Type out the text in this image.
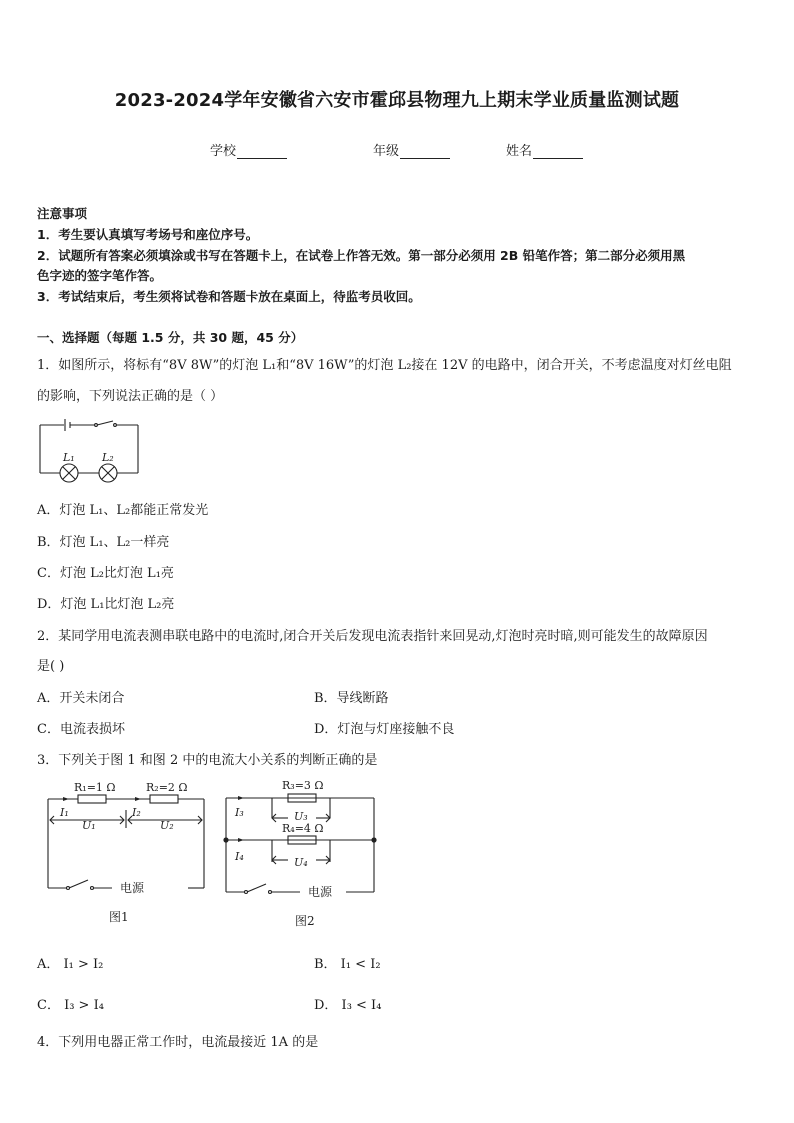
2023-2024学年安徽省六安市霍邱县物理九上期末学业质量监测试题
学校	年级	姓名
注意事项
1．考生要认真填写考场号和座位序号。
2．试题所有答案必须填涂或书写在答题卡上，在试卷上作答无效。第一部分必须用 2B 铅笔作答；第二部分必须用黑
色字迹的签字笔作答。
3．考试结束后，考生须将试卷和答题卡放在桌面上，待监考员收回。
一、选择题（每题 1.5 分，共 30 题，45 分）
1．如图所示，将标有“8V 8W”的灯泡 L₁和“8V 16W”的灯泡 L₂接在 12V 的电路中，闭合开关，不考虑温度对灯丝电阻
的影响，下列说法正确的是（ ）
L₁ L₂
A．灯泡 L₁、L₂都能正常发光
B．灯泡 L₁、L₂一样亮
C．灯泡 L₂比灯泡 L₁亮
D．灯泡 L₁比灯泡 L₂亮
2．某同学用电流表测串联电路中的电流时,闭合开关后发现电流表指针来回晃动,灯泡时亮时暗,则可能发生的故障原因
是( )
A．开关未闭合	B．导线断路
C．电流表损坏	D．灯泡与灯座接触不良
3．下列关于图 1 和图 2 中的电流大小关系的判断正确的是
R₁=1 Ω	R₂=2 Ω
I₁	I₂
U₁	U₂
电源
图1
R₃=3 Ω
R₄=4 Ω
I₃
I₄
U₃
U₄
电源
图2
A． I₁ > I₂	B． I₁ < I₂
C． I₃ > I₄	D． I₃ < I₄
4．下列用电器正常工作时，电流最接近 1A 的是
